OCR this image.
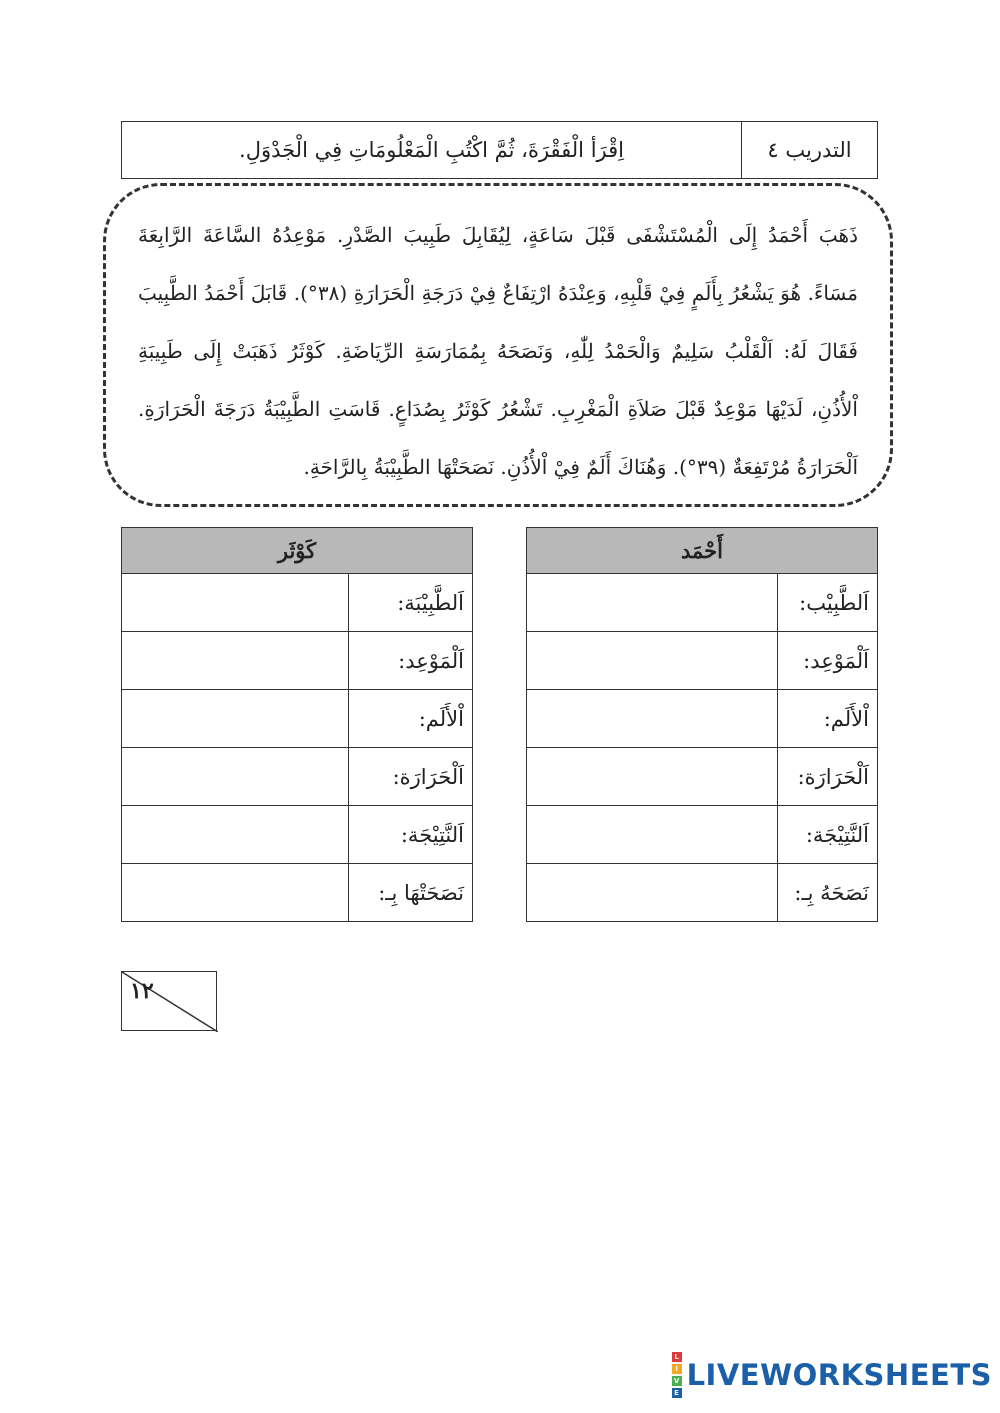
التدريب ٤
اِقْرَأ الْفَقْرَةَ، ثُمَّ اكْتُبِ الْمَعْلُومَاتِ فِي الْجَدْوَلِ.
ذَهَبَ أَحْمَدُ إِلَى الْمُسْتَشْفَى قَبْلَ سَاعَةٍ، لِيُقَابِلَ طَبِيبَ الصَّدْرِ. مَوْعِدُهُ السَّاعَةَ الرَّابِعَةَ مَسَاءً. هُوَ يَشْعُرُ بِأَلَمٍ فِيْ قَلْبِهِ، وَعِنْدَهُ ارْتِفَاعٌ فِيْ دَرَجَةِ الْحَرَارَةِ (٣٨°). قَابَلَ أَحْمَدُ الطَّبِيبَ فَقَالَ لَهُ: اَلْقَلْبُ سَلِيمٌ وَالْحَمْدُ لِلّٰهِ، وَنَصَحَهُ بِمُمَارَسَةِ الرِّيَاضَةِ. كَوْثَرُ ذَهَبَتْ إِلَى طَبِيبَةِ اْلأُذُنِ، لَدَيْهَا مَوْعِدٌ قَبْلَ صَلاَةِ الْمَغْرِبِ. تَشْعُرُ كَوْثَرُ بِصُدَاعٍ. قَاسَتِ الطَّبِيْبَةُ دَرَجَةَ الْحَرَارَةِ. اَلْحَرَارَةُ مُرْتَفِعَةٌ (٣٩°). وَهُنَاكَ أَلَمٌ فِيْ اْلأُذُنِ. نَصَحَتْهَا الطَّبِيْبَةُ بِالرَّاحَةِ.
أَحْمَد	
اَلطَّبِيْب:	
اَلْمَوْعِد:	
اْلأَلَم:	
اَلْحَرَارَة:	
اَلنَّتِيْجَة:	
نَصَحَهُ بِـ:	
كَوْثَر	
اَلطَّبِيْبَة:	
اَلْمَوْعِد:	
اْلأَلَم:	
اَلْحَرَارَة:	
اَلنَّتِيْجَة:	
نَصَحَتْهَا بِـ:	
١٢
L
I
V
E
LIVEWORKSHEETS
